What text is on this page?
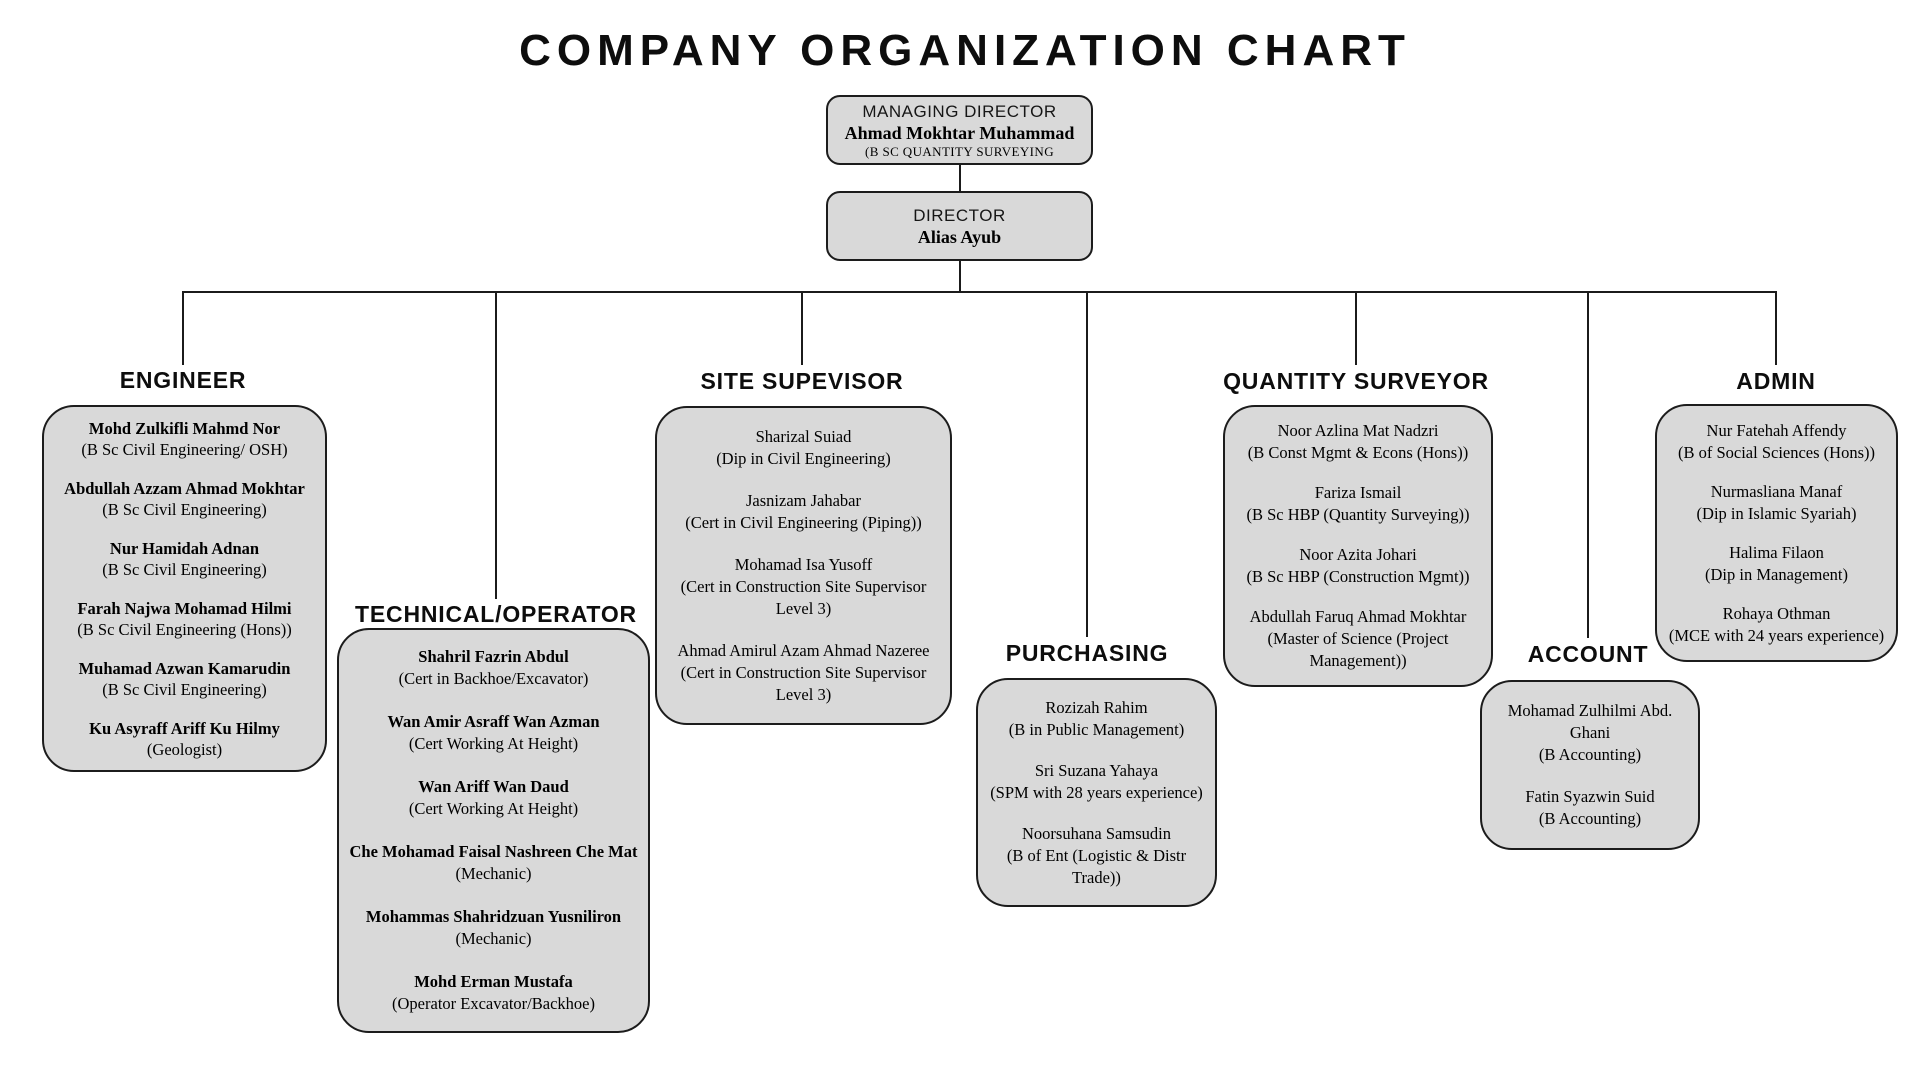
COMPANY ORGANIZATION CHART
MANAGING DIRECTOR
Ahmad Mokhtar Muhammad
(B SC QUANTITY SURVEYING
DIRECTOR
Alias Ayub
ENGINEER
TECHNICAL/OPERATOR
SITE SUPEVISOR
PURCHASING
QUANTITY SURVEYOR
ACCOUNT
ADMIN
Mohd Zulkifli Mahmd Nor
(B Sc Civil Engineering/ OSH)
Abdullah Azzam Ahmad Mokhtar
(B Sc Civil Engineering)
Nur Hamidah Adnan
(B Sc Civil Engineering)
Farah Najwa Mohamad Hilmi
(B Sc Civil Engineering (Hons))
Muhamad Azwan Kamarudin
(B Sc Civil Engineering)
Ku Asyraff Ariff Ku Hilmy
(Geologist)
Shahril Fazrin Abdul
(Cert in Backhoe/Excavator)
Wan Amir Asraff Wan Azman
(Cert Working At Height)
Wan Ariff Wan Daud
(Cert Working At Height)
Che Mohamad Faisal Nashreen Che Mat
(Mechanic)
Mohammas Shahridzuan Yusniliron
(Mechanic)
Mohd Erman Mustafa
(Operator Excavator/Backhoe)
Sharizal Suiad
(Dip in Civil Engineering)
Jasnizam Jahabar
(Cert in Civil Engineering (Piping))
Mohamad Isa Yusoff
(Cert in Construction Site Supervisor Level 3)
Ahmad Amirul Azam Ahmad Nazeree
(Cert in Construction Site Supervisor Level 3)
Rozizah Rahim
(B in Public Management)
Sri Suzana Yahaya
(SPM with 28 years experience)
Noorsuhana Samsudin
(B of Ent (Logistic & Distr Trade))
Noor Azlina Mat Nadzri
(B Const Mgmt & Econs (Hons))
Fariza Ismail
(B Sc HBP (Quantity Surveying))
Noor Azita Johari
(B Sc HBP (Construction Mgmt))
Abdullah Faruq Ahmad Mokhtar
(Master of Science (Project Management))
Mohamad Zulhilmi Abd. Ghani
(B Accounting)
Fatin Syazwin Suid
(B Accounting)
Nur Fatehah Affendy
(B of Social Sciences (Hons))
Nurmasliana Manaf
(Dip in Islamic Syariah)
Halima Filaon
(Dip in Management)
Rohaya Othman
(MCE with 24 years experience)
